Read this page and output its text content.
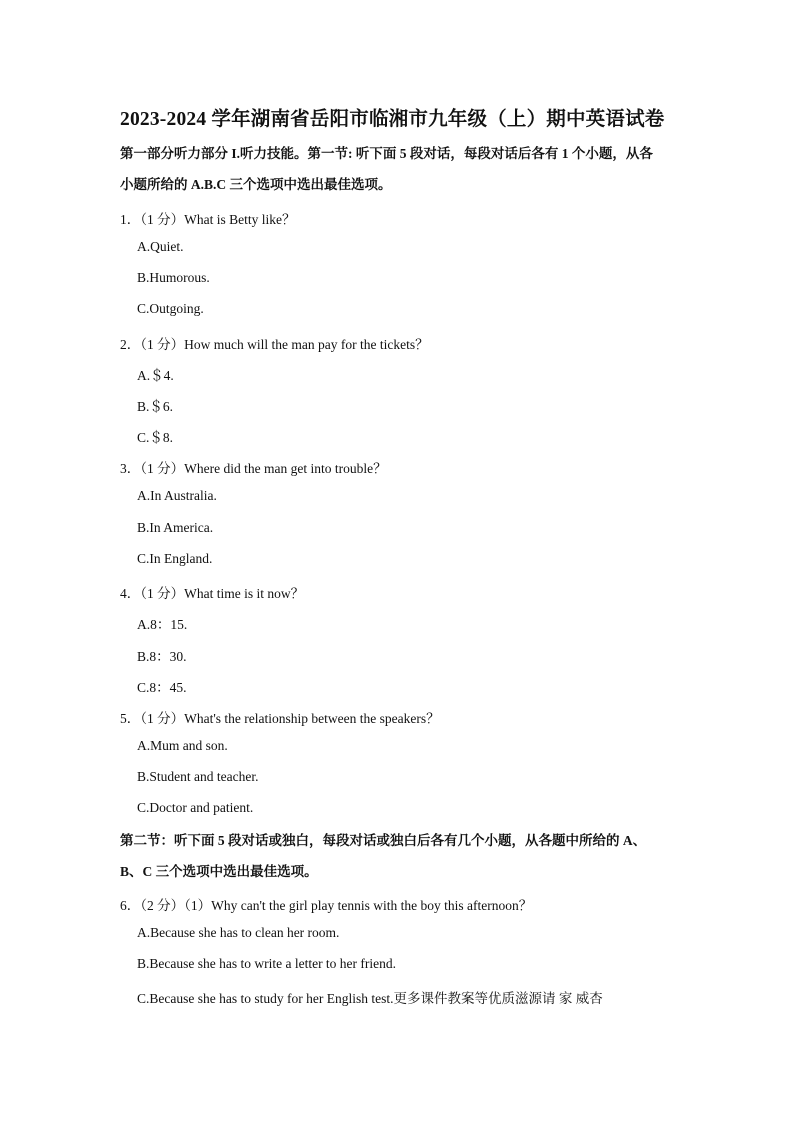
2023-2024 学年湖南省岳阳市临湘市九年级（上）期中英语试卷
第一部分听力部分 I.听力技能。第一节: 听下面 5 段对话，每段对话后各有 1 个小题，从各
小题所给的 A.B.C 三个选项中选出最佳选项。
1．（1 分）What is Betty like？
A.Quiet.
B.Humorous.
C.Outgoing.
2．（1 分）How much will the man pay for the tickets？
A.＄4.
B.＄6.
C.＄8.
3．（1 分）Where did the man get into trouble？
A.In Australia.
B.In America.
C.In England.
4．（1 分）What time is it now？
A.8：15.
B.8：30.
C.8：45.
5．（1 分）What's the relationship between the speakers？
A.Mum and son.
B.Student and teacher.
C.Doctor and patient.
第二节：听下面 5 段对话或独白，每段对话或独白后各有几个小题，从各题中所给的 A、
B、C 三个选项中选出最佳选项。
6．（2 分）（1）Why can't the girl play tennis with the boy this afternoon？
A.Because she has to clean her room.
B.Because she has to write a letter to her friend.
C.Because she has to study for her English test.更多课件教案等优质滋源请 家 威杏
